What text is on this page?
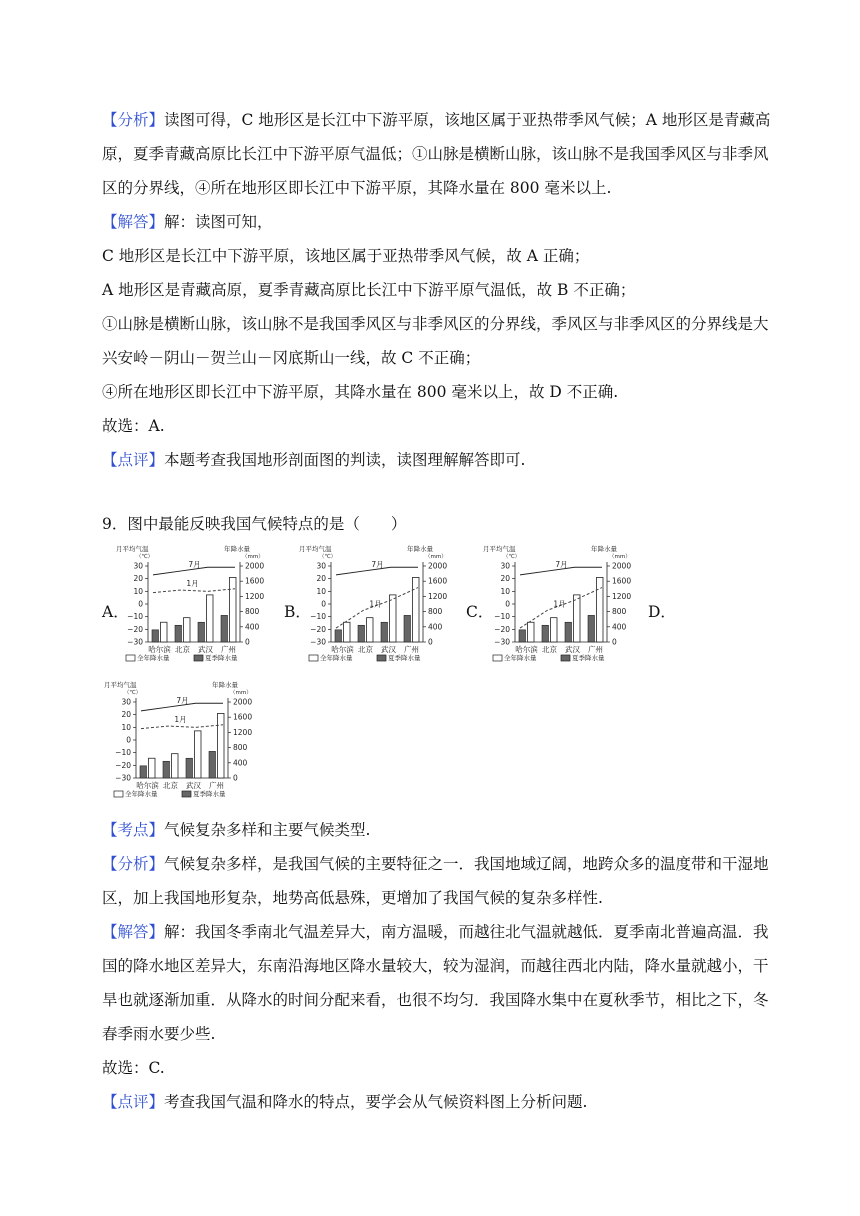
【分析】读图可得，C 地形区是长江中下游平原，该地区属于亚热带季风气候；A 地形区是青藏高
原，夏季青藏高原比长江中下游平原气温低；①山脉是横断山脉，该山脉不是我国季风区与非季风
区的分界线，④所在地形区即长江中下游平原，其降水量在 800 毫米以上.
【解答】解：读图可知，
C 地形区是长江中下游平原，该地区属于亚热带季风气候，故 A 正确；
A 地形区是青藏高原，夏季青藏高原比长江中下游平原气温低，故 B 不正确；
①山脉是横断山脉，该山脉不是我国季风区与非季风区的分界线，季风区与非季风区的分界线是大
兴安岭－阴山－贺兰山－冈底斯山一线，故 C 不正确；
④所在地形区即长江中下游平原，其降水量在 800 毫米以上，故 D 不正确.
故选：A.
【点评】本题考查我国地形剖面图的判读，读图理解解答即可.
9．图中最能反映我国气候特点的是（　　）
A．	B．	C．	D．
月平均气温
（℃）
年降水量
（mm）
30
20
10
0
−10
−20
−30
2000
1600
1200
800
400
0
哈尔滨 北京 武汉 广州
7月
1月
全年降水量	夏季降水量
月平均气温
（℃）
年降水量
（mm）
30
20
10
0
−10
−20
−30
2000
1600
1200
800
400
0
哈尔滨 北京 武汉 广州
7月
1月
全年降水量	夏季降水量
月平均气温
（℃）
年降水量
（mm）
30
20
10
0
−10
−20
−30
2000
1600
1200
800
400
0
哈尔滨 北京 武汉 广州
7月
1月
全年降水量	夏季降水量
月平均气温
（℃）
年降水量
（mm）
30
20
10
0
−10
−20
−30
2000
1600
1200
800
400
0
哈尔滨 北京 武汉 广州
7月
1月
全年降水量	夏季降水量
【考点】气候复杂多样和主要气候类型.
【分析】气候复杂多样，是我国气候的主要特征之一．我国地域辽阔，地跨众多的温度带和干湿地
区，加上我国地形复杂，地势高低悬殊，更增加了我国气候的复杂多样性.
【解答】解：我国冬季南北气温差异大，南方温暖，而越往北气温就越低．夏季南北普遍高温．我
国的降水地区差异大，东南沿海地区降水量较大，较为湿润，而越往西北内陆，降水量就越小，干
旱也就逐渐加重．从降水的时间分配来看，也很不均匀．我国降水集中在夏秋季节，相比之下，冬
春季雨水要少些.
故选：C.
【点评】考查我国气温和降水的特点，要学会从气候资料图上分析问题.
